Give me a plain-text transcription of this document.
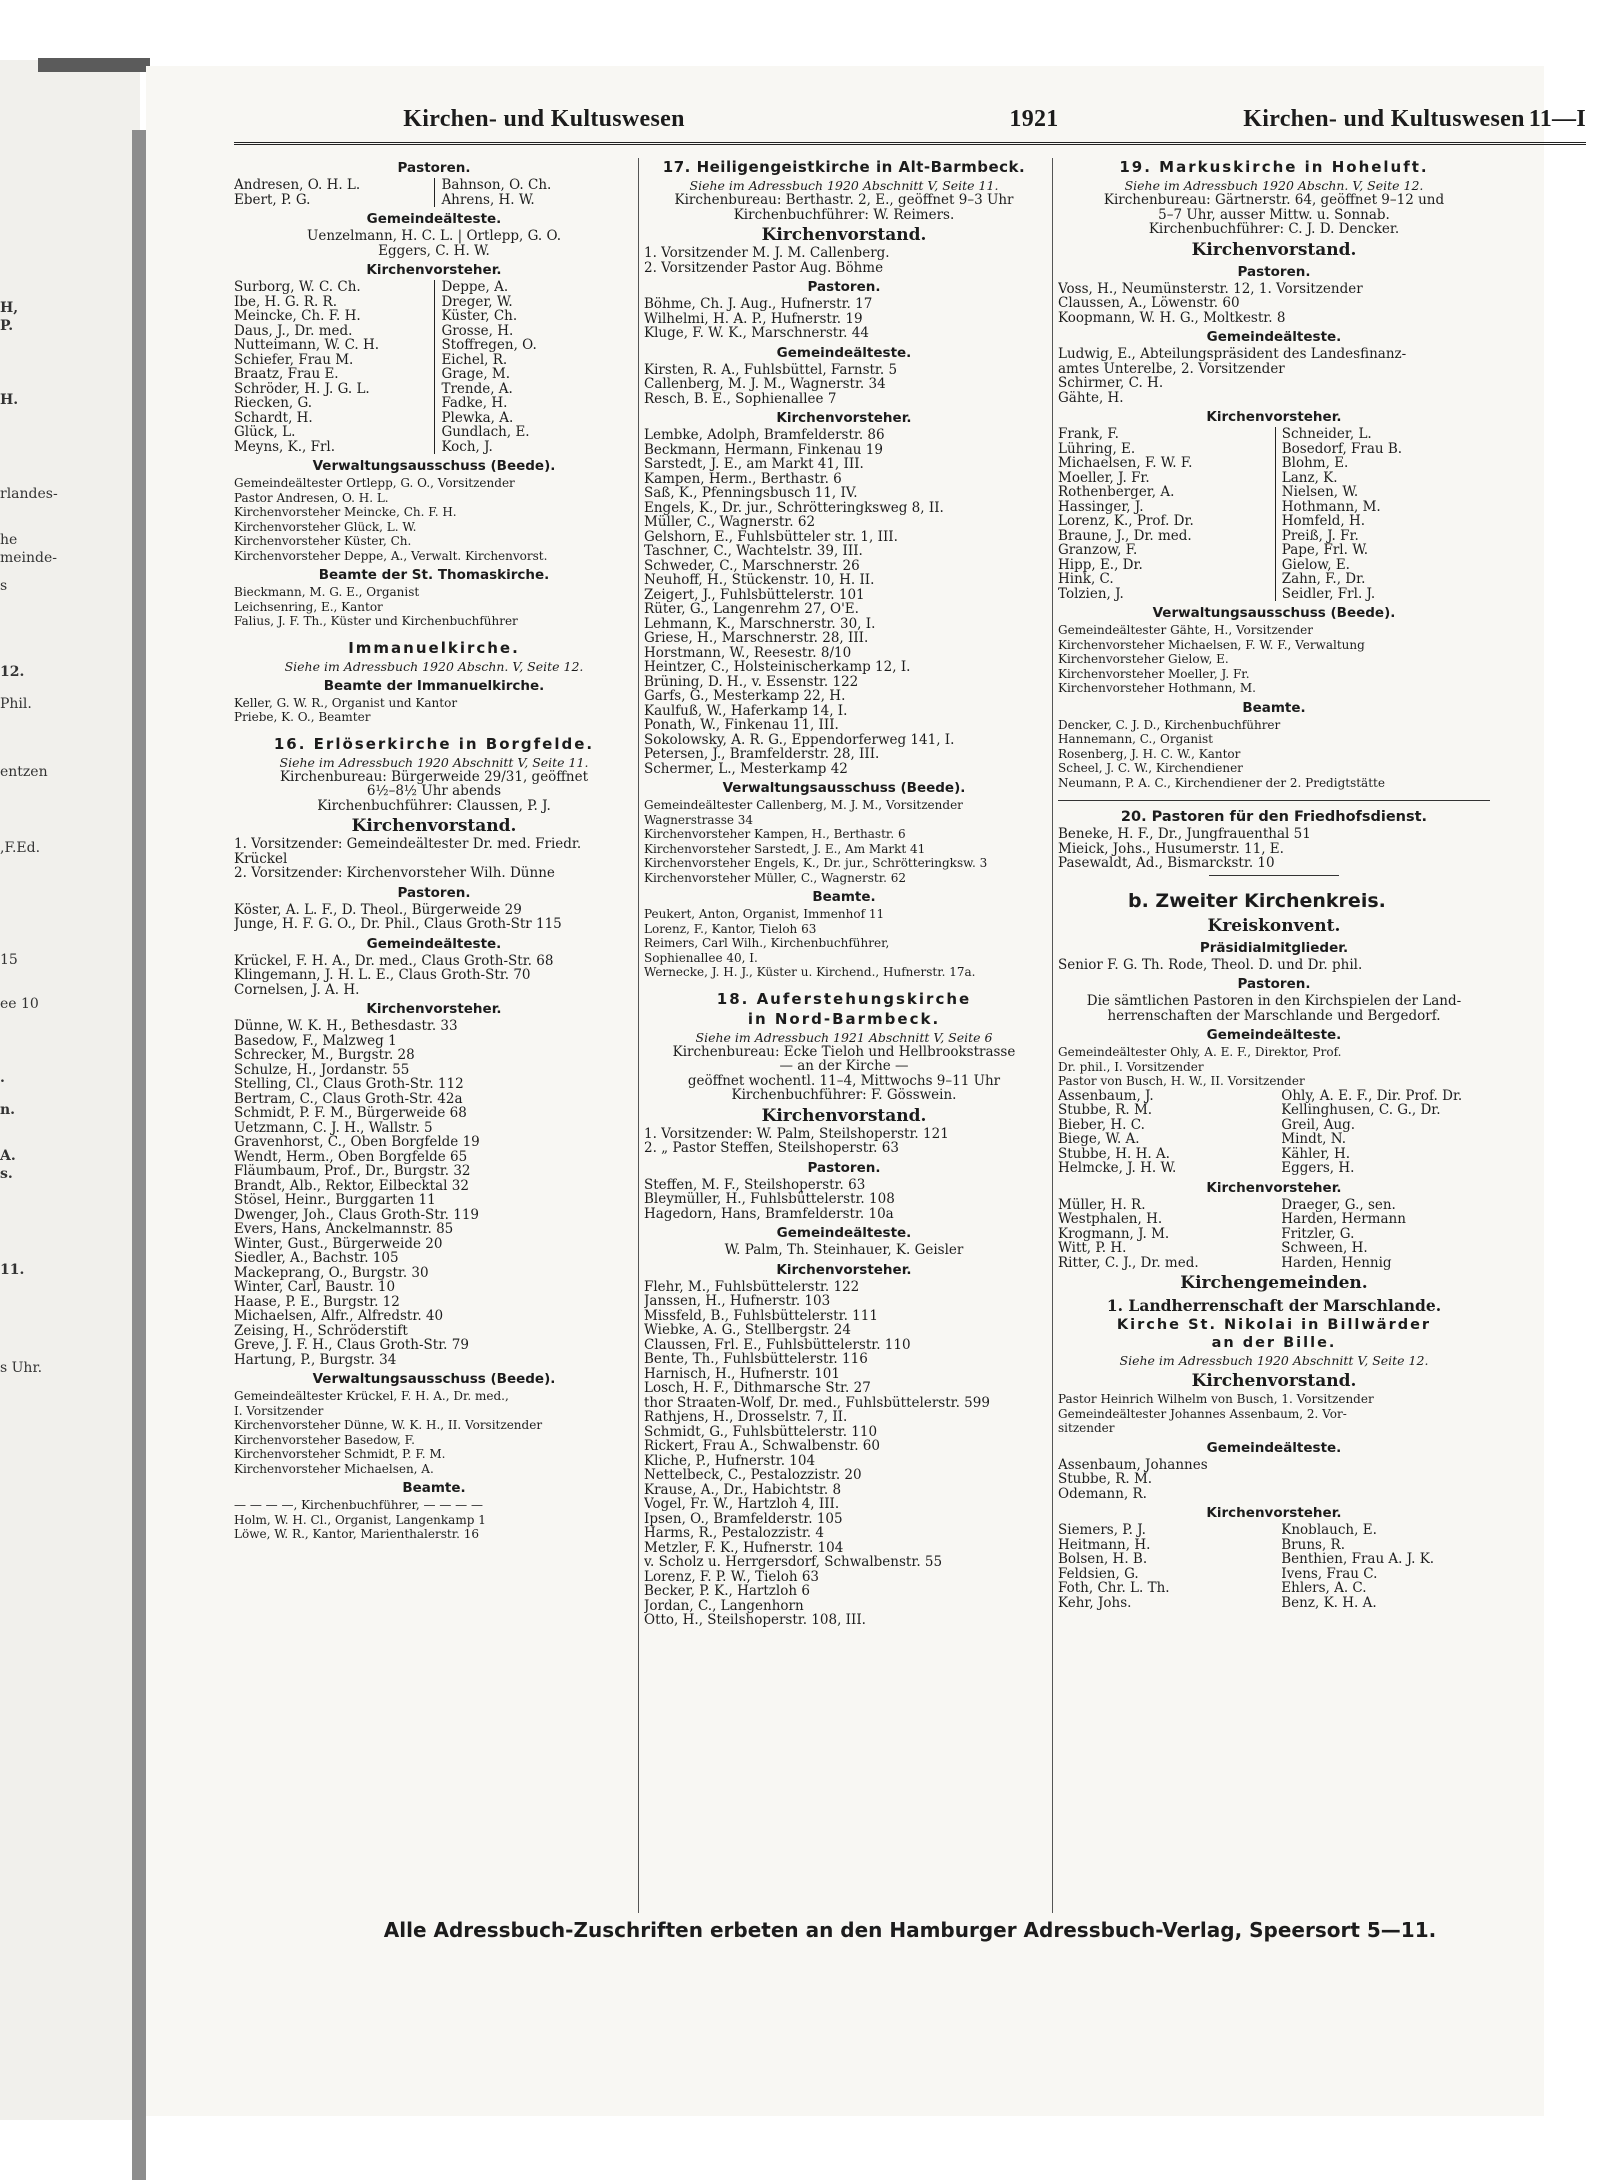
H,
P.
H.
rlandes-
he
meinde-
s
12.
Phil.
entzen
,F.Ed.
15
ee 10
.
n.
A.
s.
11.
s Uhr.
Kirchen- und Kultuswesen	1921	Kirchen- und Kultuswesen 11—I
Pastoren.
Andresen, O. H. L.
Ebert, P. G.
Bahnson, O. Ch.
Ahrens, H. W.
Gemeindeälteste.
Uenzelmann, H. C. L. | Ortlepp, G. O.
Eggers, C. H. W.
Kirchenvorsteher.
Surborg, W. C. Ch.
Ibe, H. G. R. R.
Meincke, Ch. F. H.
Daus, J., Dr. med.
Nutteimann, W. C. H.
Schiefer, Frau M.
Braatz, Frau E.
Schröder, H. J. G. L.
Riecken, G.
Schardt, H.
Glück, L.
Meyns, K., Frl.
Deppe, A.
Dreger, W.
Küster, Ch.
Grosse, H.
Stoffregen, O.
Eichel, R.
Grage, M.
Trende, A.
Fadke, H.
Plewka, A.
Gundlach, E.
Koch, J.
Verwaltungsausschuss (Beede).
Gemeindeältester Ortlepp, G. O., Vorsitzender
Pastor Andresen, O. H. L.
Kirchenvorsteher Meincke, Ch. F. H.
Kirchenvorsteher Glück, L. W.
Kirchenvorsteher Küster, Ch.
Kirchenvorsteher Deppe, A., Verwalt. Kirchenvorst.
Beamte der St. Thomaskirche.
Bieckmann, M. G. E., Organist
Leichsenring, E., Kantor
Falius, J. F. Th., Küster und Kirchenbuchführer
Immanuelkirche.
Siehe im Adressbuch 1920 Abschn. V, Seite 12.
Beamte der Immanuelkirche.
Keller, G. W. R., Organist und Kantor
Priebe, K. O., Beamter
16. Erlöserkirche in Borgfelde.
Siehe im Adressbuch 1920 Abschnitt V, Seite 11.
Kirchenbureau: Bürgerweide 29/31, geöffnet
6½–8½ Uhr abends
Kirchenbuchführer: Claussen, P. J.
Kirchenvorstand.
1. Vorsitzender: Gemeindeältester Dr. med. Friedr.
Krückel
2. Vorsitzender: Kirchenvorsteher Wilh. Dünne
Pastoren.
Köster, A. L. F., D. Theol., Bürgerweide 29
Junge, H. F. G. O., Dr. Phil., Claus Groth-Str 115
Gemeindeälteste.
Krückel, F. H. A., Dr. med., Claus Groth-Str. 68
Klingemann, J. H. L. E., Claus Groth-Str. 70
Cornelsen, J. A. H.
Kirchenvorsteher.
Dünne, W. K. H., Bethesdastr. 33
Basedow, F., Malzweg 1
Schrecker, M., Burgstr. 28
Schulze, H., Jordanstr. 55
Stelling, Cl., Claus Groth-Str. 112
Bertram, C., Claus Groth-Str. 42a
Schmidt, P. F. M., Bürgerweide 68
Uetzmann, C. J. H., Wallstr. 5
Gravenhorst, C., Oben Borgfelde 19
Wendt, Herm., Oben Borgfelde 65
Fläumbaum, Prof., Dr., Burgstr. 32
Brandt, Alb., Rektor, Eilbecktal 32
Stösel, Heinr., Burggarten 11
Dwenger, Joh., Claus Groth-Str. 119
Evers, Hans, Anckelmannstr. 85
Winter, Gust., Bürgerweide 20
Siedler, A., Bachstr. 105
Mackeprang, O., Burgstr. 30
Winter, Carl, Baustr. 10
Haase, P. E., Burgstr. 12
Michaelsen, Alfr., Alfredstr. 40
Zeising, H., Schröderstift
Greve, J. F. H., Claus Groth-Str. 79
Hartung, P., Burgstr. 34
Verwaltungsausschuss (Beede).
Gemeindeältester Krückel, F. H. A., Dr. med.,
I. Vorsitzender
Kirchenvorsteher Dünne, W. K. H., II. Vorsitzender
Kirchenvorsteher Basedow, F.
Kirchenvorsteher Schmidt, P. F. M.
Kirchenvorsteher Michaelsen, A.
Beamte.
— — — —, Kirchenbuchführer, — — — —
Holm, W. H. Cl., Organist, Langenkamp 1
Löwe, W. R., Kantor, Marienthalerstr. 16
17. Heiligengeistkirche in Alt-Barmbeck.
Siehe im Adressbuch 1920 Abschnitt V, Seite 11.
Kirchenbureau: Berthastr. 2, E., geöffnet 9–3 Uhr
Kirchenbuchführer: W. Reimers.
Kirchenvorstand.
1. Vorsitzender M. J. M. Callenberg.
2. Vorsitzender Pastor Aug. Böhme
Pastoren.
Böhme, Ch. J. Aug., Hufnerstr. 17
Wilhelmi, H. A. P., Hufnerstr. 19
Kluge, F. W. K., Marschnerstr. 44
Gemeindeälteste.
Kirsten, R. A., Fuhlsbüttel, Farnstr. 5
Callenberg, M. J. M., Wagnerstr. 34
Resch, B. E., Sophienallee 7
Kirchenvorsteher.
Lembke, Adolph, Bramfelderstr. 86
Beckmann, Hermann, Finkenau 19
Sarstedt, J. E., am Markt 41, III.
Kampen, Herm., Berthastr. 6
Saß, K., Pfenningsbusch 11, IV.
Engels, K., Dr. jur., Schrötteringksweg 8, II.
Müller, C., Wagnerstr. 62
Gelshorn, E., Fuhlsbütteler str. 1, III.
Taschner, C., Wachtelstr. 39, III.
Schweder, C., Marschnerstr. 26
Neuhoff, H., Stückenstr. 10, H. II.
Zeigert, J., Fuhlsbüttelerstr. 101
Rüter, G., Langenrehm 27, O'E.
Lehmann, K., Marschnerstr. 30, I.
Griese, H., Marschnerstr. 28, III.
Horstmann, W., Reesestr. 8/10
Heintzer, C., Holsteinischerkamp 12, I.
Brüning, D. H., v. Essenstr. 122
Garfs, G., Mesterkamp 22, H.
Kaulfuß, W., Haferkamp 14, I.
Ponath, W., Finkenau 11, III.
Sokolowsky, A. R. G., Eppendorferweg 141, I.
Petersen, J., Bramfelderstr. 28, III.
Schermer, L., Mesterkamp 42
Verwaltungsausschuss (Beede).
Gemeindeältester Callenberg, M. J. M., Vorsitzender
Wagnerstrasse 34
Kirchenvorsteher Kampen, H., Berthastr. 6
Kirchenvorsteher Sarstedt, J. E., Am Markt 41
Kirchenvorsteher Engels, K., Dr. jur., Schrötteringksw. 3
Kirchenvorsteher Müller, C., Wagnerstr. 62
Beamte.
Peukert, Anton, Organist, Immenhof 11
Lorenz, F., Kantor, Tieloh 63
Reimers, Carl Wilh., Kirchenbuchführer,
Sophienallee 40, I.
Wernecke, J. H. J., Küster u. Kirchend., Hufnerstr. 17a.
18. Auferstehungskirche
in Nord-Barmbeck.
Siehe im Adressbuch 1921 Abschnitt V, Seite 6
Kirchenbureau: Ecke Tieloh und Hellbrookstrasse
— an der Kirche —
geöffnet wochentl. 11–4, Mittwochs 9–11 Uhr
Kirchenbuchführer: F. Gösswein.
Kirchenvorstand.
1. Vorsitzender: W. Palm, Steilshoperstr. 121
2. „ Pastor Steffen, Steilshoperstr. 63
Pastoren.
Steffen, M. F., Steilshoperstr. 63
Bleymüller, H., Fuhlsbüttelerstr. 108
Hagedorn, Hans, Bramfelderstr. 10a
Gemeindeälteste.
W. Palm, Th. Steinhauer, K. Geisler
Kirchenvorsteher.
Flehr, M., Fuhlsbüttelerstr. 122
Janssen, H., Hufnerstr. 103
Missfeld, B., Fuhlsbüttelerstr. 111
Wiebke, A. G., Stellbergstr. 24
Claussen, Frl. E., Fuhlsbüttelerstr. 110
Bente, Th., Fuhlsbüttelerstr. 116
Harnisch, H., Hufnerstr. 101
Losch, H. F., Dithmarsche Str. 27
thor Straaten-Wolf, Dr. med., Fuhlsbüttelerstr. 599
Rathjens, H., Drosselstr. 7, II.
Schmidt, G., Fuhlsbüttelerstr. 110
Rickert, Frau A., Schwalbenstr. 60
Kliche, P., Hufnerstr. 104
Nettelbeck, C., Pestalozzistr. 20
Krause, A., Dr., Habichtstr. 8
Vogel, Fr. W., Hartzloh 4, III.
Ipsen, O., Bramfelderstr. 105
Harms, R., Pestalozzistr. 4
Metzler, F. K., Hufnerstr. 104
v. Scholz u. Herrgersdorf, Schwalbenstr. 55
Lorenz, F. P. W., Tieloh 63
Becker, P. K., Hartzloh 6
Jordan, C., Langenhorn
Otto, H., Steilshoperstr. 108, III.
19. Markuskirche in Hoheluft.
Siehe im Adressbuch 1920 Abschn. V, Seite 12.
Kirchenbureau: Gärtnerstr. 64, geöffnet 9–12 und
5–7 Uhr, ausser Mittw. u. Sonnab.
Kirchenbuchführer: C. J. D. Dencker.
Kirchenvorstand.
Pastoren.
Voss, H., Neumünsterstr. 12, 1. Vorsitzender
Claussen, A., Löwenstr. 60
Koopmann, W. H. G., Moltkestr. 8
Gemeindeälteste.
Ludwig, E., Abteilungspräsident des Landesfinanz-
amtes Unterelbe, 2. Vorsitzender
Schirmer, C. H.
Gähte, H.
Kirchenvorsteher.
Frank, F.
Lühring, E.
Michaelsen, F. W. F.
Moeller, J. Fr.
Rothenberger, A.
Hassinger, J.
Lorenz, K., Prof. Dr.
Braune, J., Dr. med.
Granzow, F.
Hipp, E., Dr.
Hink, C.
Tolzien, J.
Schneider, L.
Bosedorf, Frau B.
Blohm, E.
Lanz, K.
Nielsen, W.
Hothmann, M.
Homfeld, H.
Preiß, J. Fr.
Pape, Frl. W.
Gielow, E.
Zahn, F., Dr.
Seidler, Frl. J.
Verwaltungsausschuss (Beede).
Gemeindeältester Gähte, H., Vorsitzender
Kirchenvorsteher Michaelsen, F. W. F., Verwaltung
Kirchenvorsteher Gielow, E.
Kirchenvorsteher Moeller, J. Fr.
Kirchenvorsteher Hothmann, M.
Beamte.
Dencker, C. J. D., Kirchenbuchführer
Hannemann, C., Organist
Rosenberg, J. H. C. W., Kantor
Scheel, J. C. W., Kirchendiener
Neumann, P. A. C., Kirchendiener der 2. Predigtstätte
20. Pastoren für den Friedhofsdienst.
Beneke, H. F., Dr., Jungfrauenthal 51
Mieick, Johs., Husumerstr. 11, E.
Pasewaldt, Ad., Bismarckstr. 10
b. Zweiter Kirchenkreis.
Kreiskonvent.
Präsidialmitglieder.
Senior F. G. Th. Rode, Theol. D. und Dr. phil.
Pastoren.
Die sämtlichen Pastoren in den Kirchspielen der Land-
herrenschaften der Marschlande und Bergedorf.
Gemeindeälteste.
Gemeindeältester Ohly, A. E. F., Direktor, Prof.
Dr. phil., I. Vorsitzender
Pastor von Busch, H. W., II. Vorsitzender
Assenbaum, J.
Stubbe, R. M.
Bieber, H. C.
Biege, W. A.
Stubbe, H. H. A.
Helmcke, J. H. W.
Ohly, A. E. F., Dir. Prof. Dr.
Kellinghusen, C. G., Dr.
Greil, Aug.
Mindt, N.
Kähler, H.
Eggers, H.
Kirchenvorsteher.
Müller, H. R.
Westphalen, H.
Krogmann, J. M.
Witt, P. H.
Ritter, C. J., Dr. med.
Draeger, G., sen.
Harden, Hermann
Fritzler, G.
Schween, H.
Harden, Hennig
Kirchengemeinden.
1. Landherrenschaft der Marschlande.
Kirche St. Nikolai in Billwärder
an der Bille.
Siehe im Adressbuch 1920 Abschnitt V, Seite 12.
Kirchenvorstand.
Pastor Heinrich Wilhelm von Busch, 1. Vorsitzender
Gemeindeältester Johannes Assenbaum, 2. Vor-
sitzender
Gemeindeälteste.
Assenbaum, Johannes
Stubbe, R. M.
Odemann, R.
Kirchenvorsteher.
Siemers, P. J.
Heitmann, H.
Bolsen, H. B.
Feldsien, G.
Foth, Chr. L. Th.
Kehr, Johs.
Knoblauch, E.
Bruns, R.
Benthien, Frau A. J. K.
Ivens, Frau C.
Ehlers, A. C.
Benz, K. H. A.
Alle Adressbuch-Zuschriften erbeten an den Hamburger Adressbuch-Verlag, Speersort 5—11.
